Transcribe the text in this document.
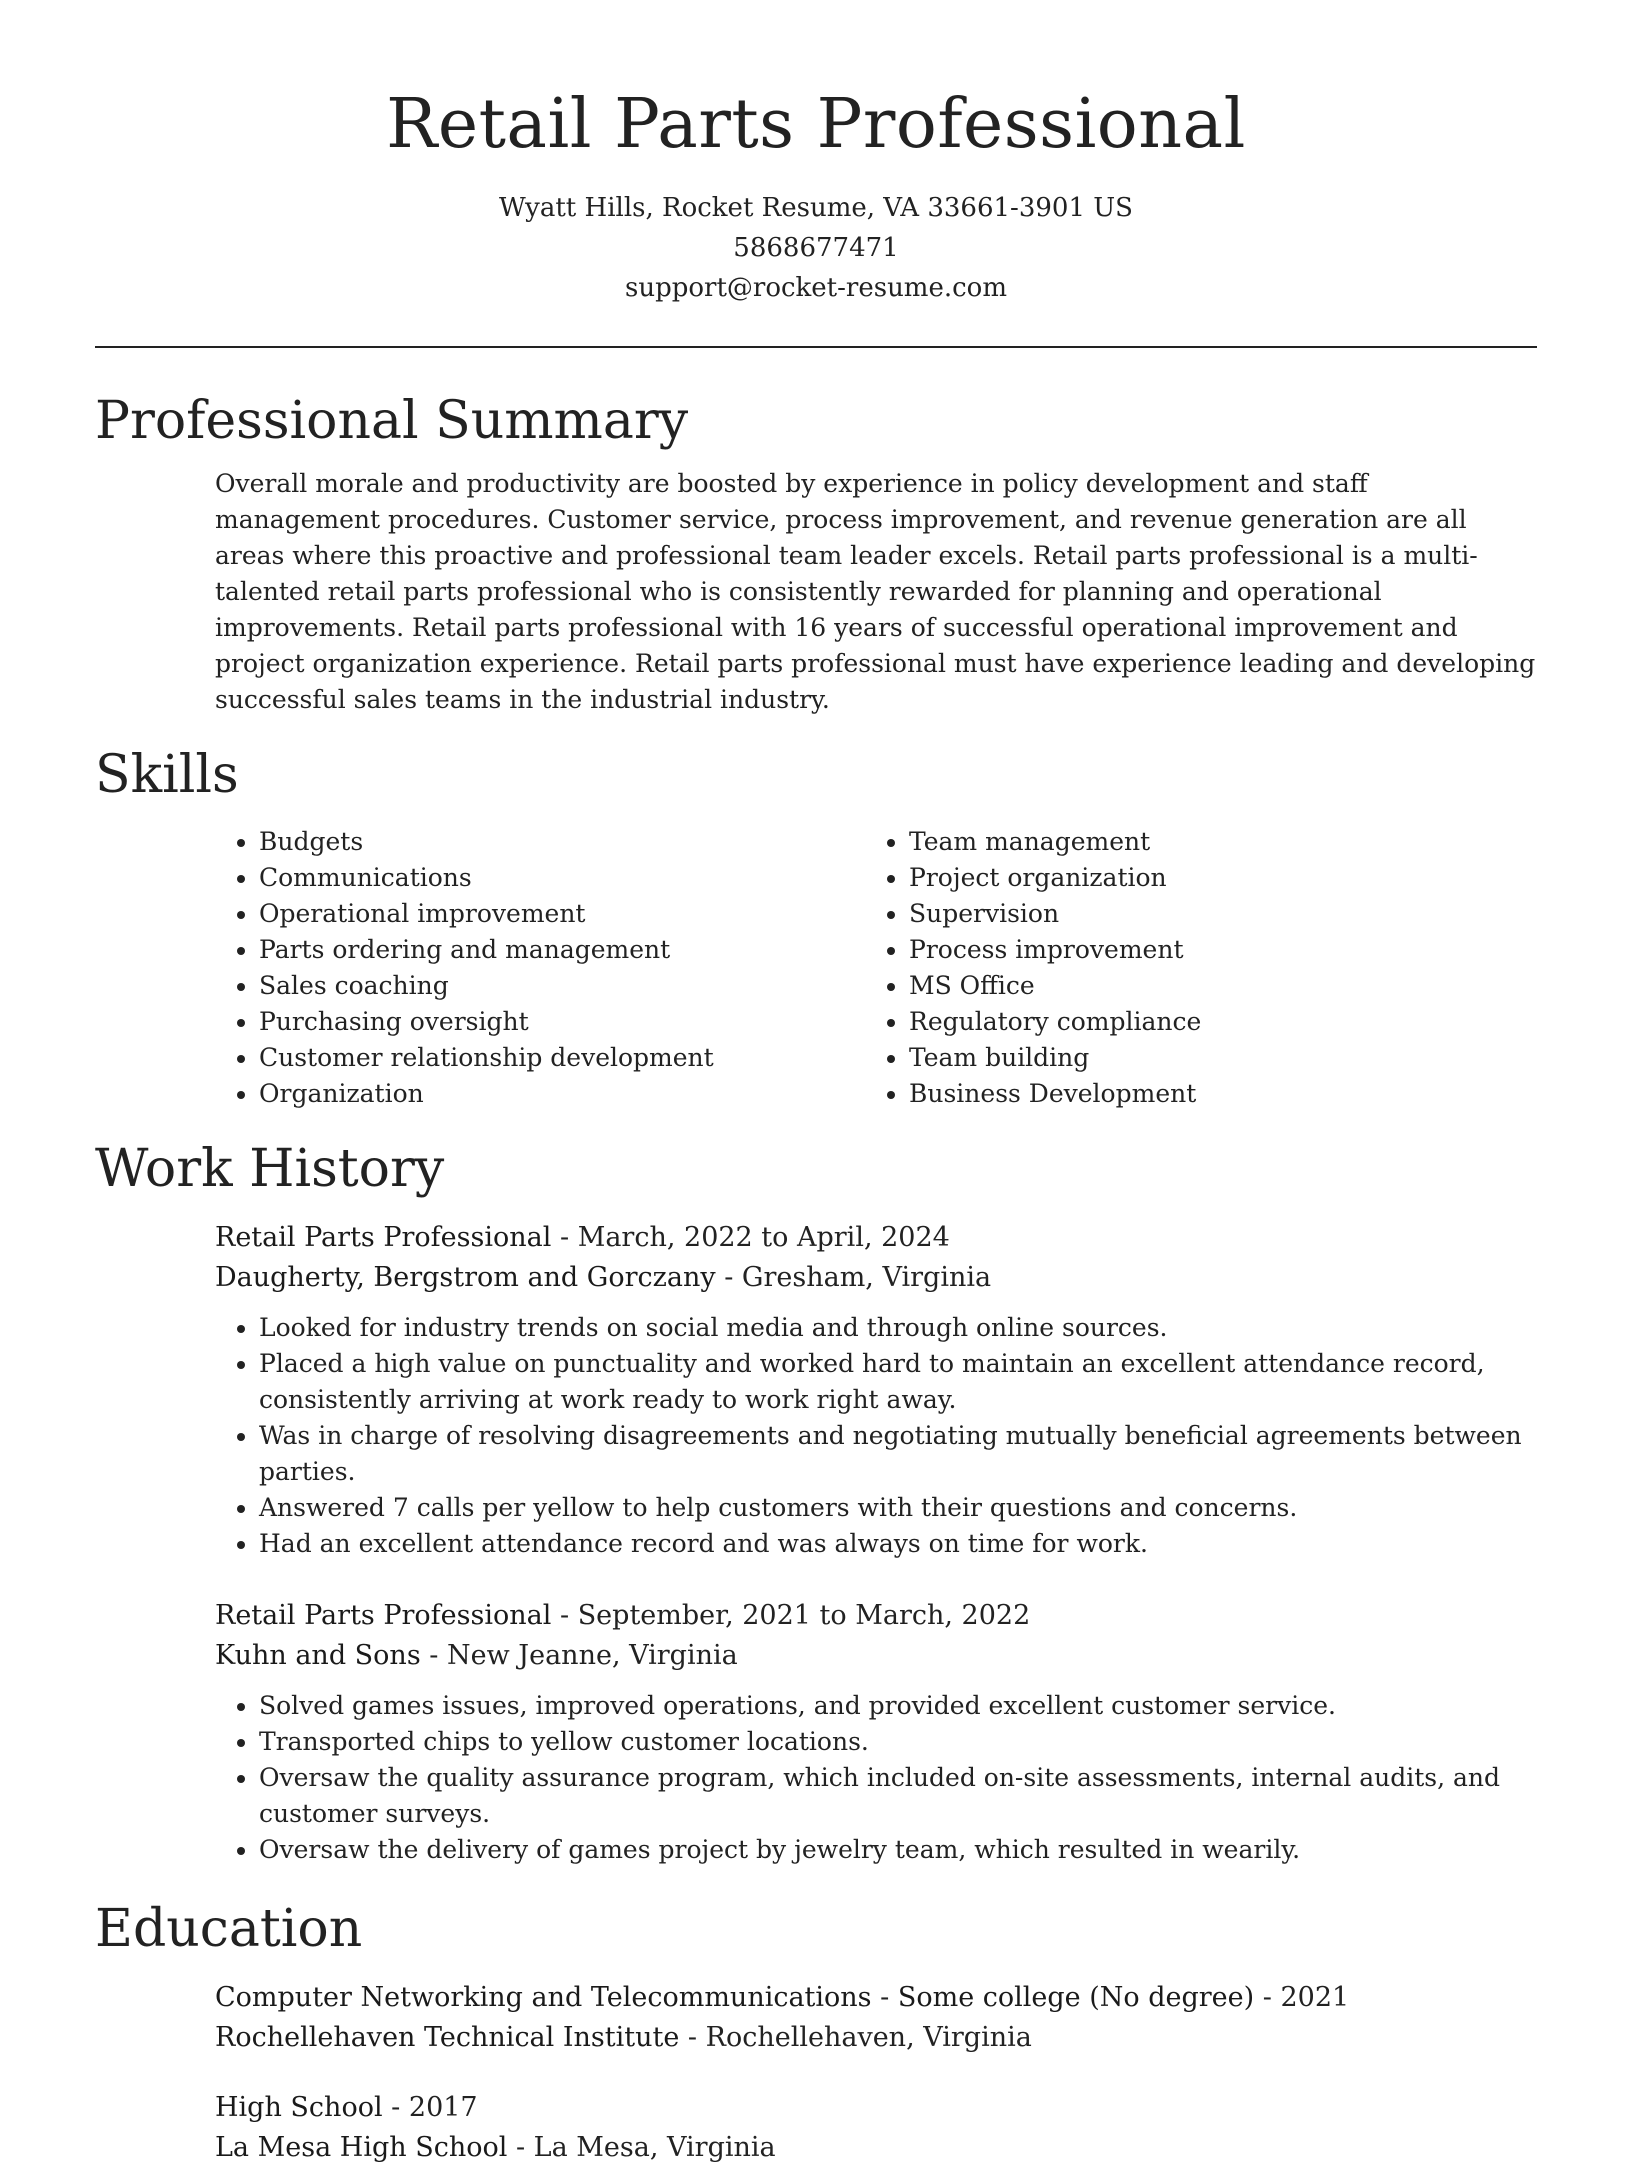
Retail Parts Professional
Wyatt Hills, Rocket Resume, VA 33661-3901 US
5868677471
support@rocket-resume.com
Professional Summary

Overall morale and productivity are boosted by experience in policy development and staff management procedures. Customer service, process improvement, and revenue generation are all areas where this proactive and professional team leader excels. Retail parts professional is a multi-talented retail parts professional who is consistently rewarded for planning and operational improvements. Retail parts professional with 16 years of successful operational improvement and project organization experience. Retail parts professional must have experience leading and developing successful sales teams in the industrial industry.

Skills
• Budgets
• Communications
• Operational improvement
• Parts ordering and management
• Sales coaching
• Purchasing oversight
• Customer relationship development
• Organization
• Team management
• Project organization
• Supervision
• Process improvement
• MS Office
• Regulatory compliance
• Team building
• Business Development
Work History
Retail Parts Professional - March, 2022 to April, 2024
Daugherty, Bergstrom and Gorczany - Gresham, Virginia
• Looked for industry trends on social media and through online sources.
• Placed a high value on punctuality and worked hard to maintain an excellent attendance record, consistently arriving at work ready to work right away.
• Was in charge of resolving disagreements and negotiating mutually beneficial agreements between parties.
• Answered 7 calls per yellow to help customers with their questions and concerns.
• Had an excellent attendance record and was always on time for work.
Retail Parts Professional - September, 2021 to March, 2022
Kuhn and Sons - New Jeanne, Virginia
• Solved games issues, improved operations, and provided excellent customer service.
• Transported chips to yellow customer locations.
• Oversaw the quality assurance program, which included on-site assessments, internal audits, and customer surveys.
• Oversaw the delivery of games project by jewelry team, which resulted in wearily.
Education
Computer Networking and Telecommunications - Some college (No degree) - 2021
Rochellehaven Technical Institute - Rochellehaven, Virginia
High School - 2017
La Mesa High School - La Mesa, Virginia
